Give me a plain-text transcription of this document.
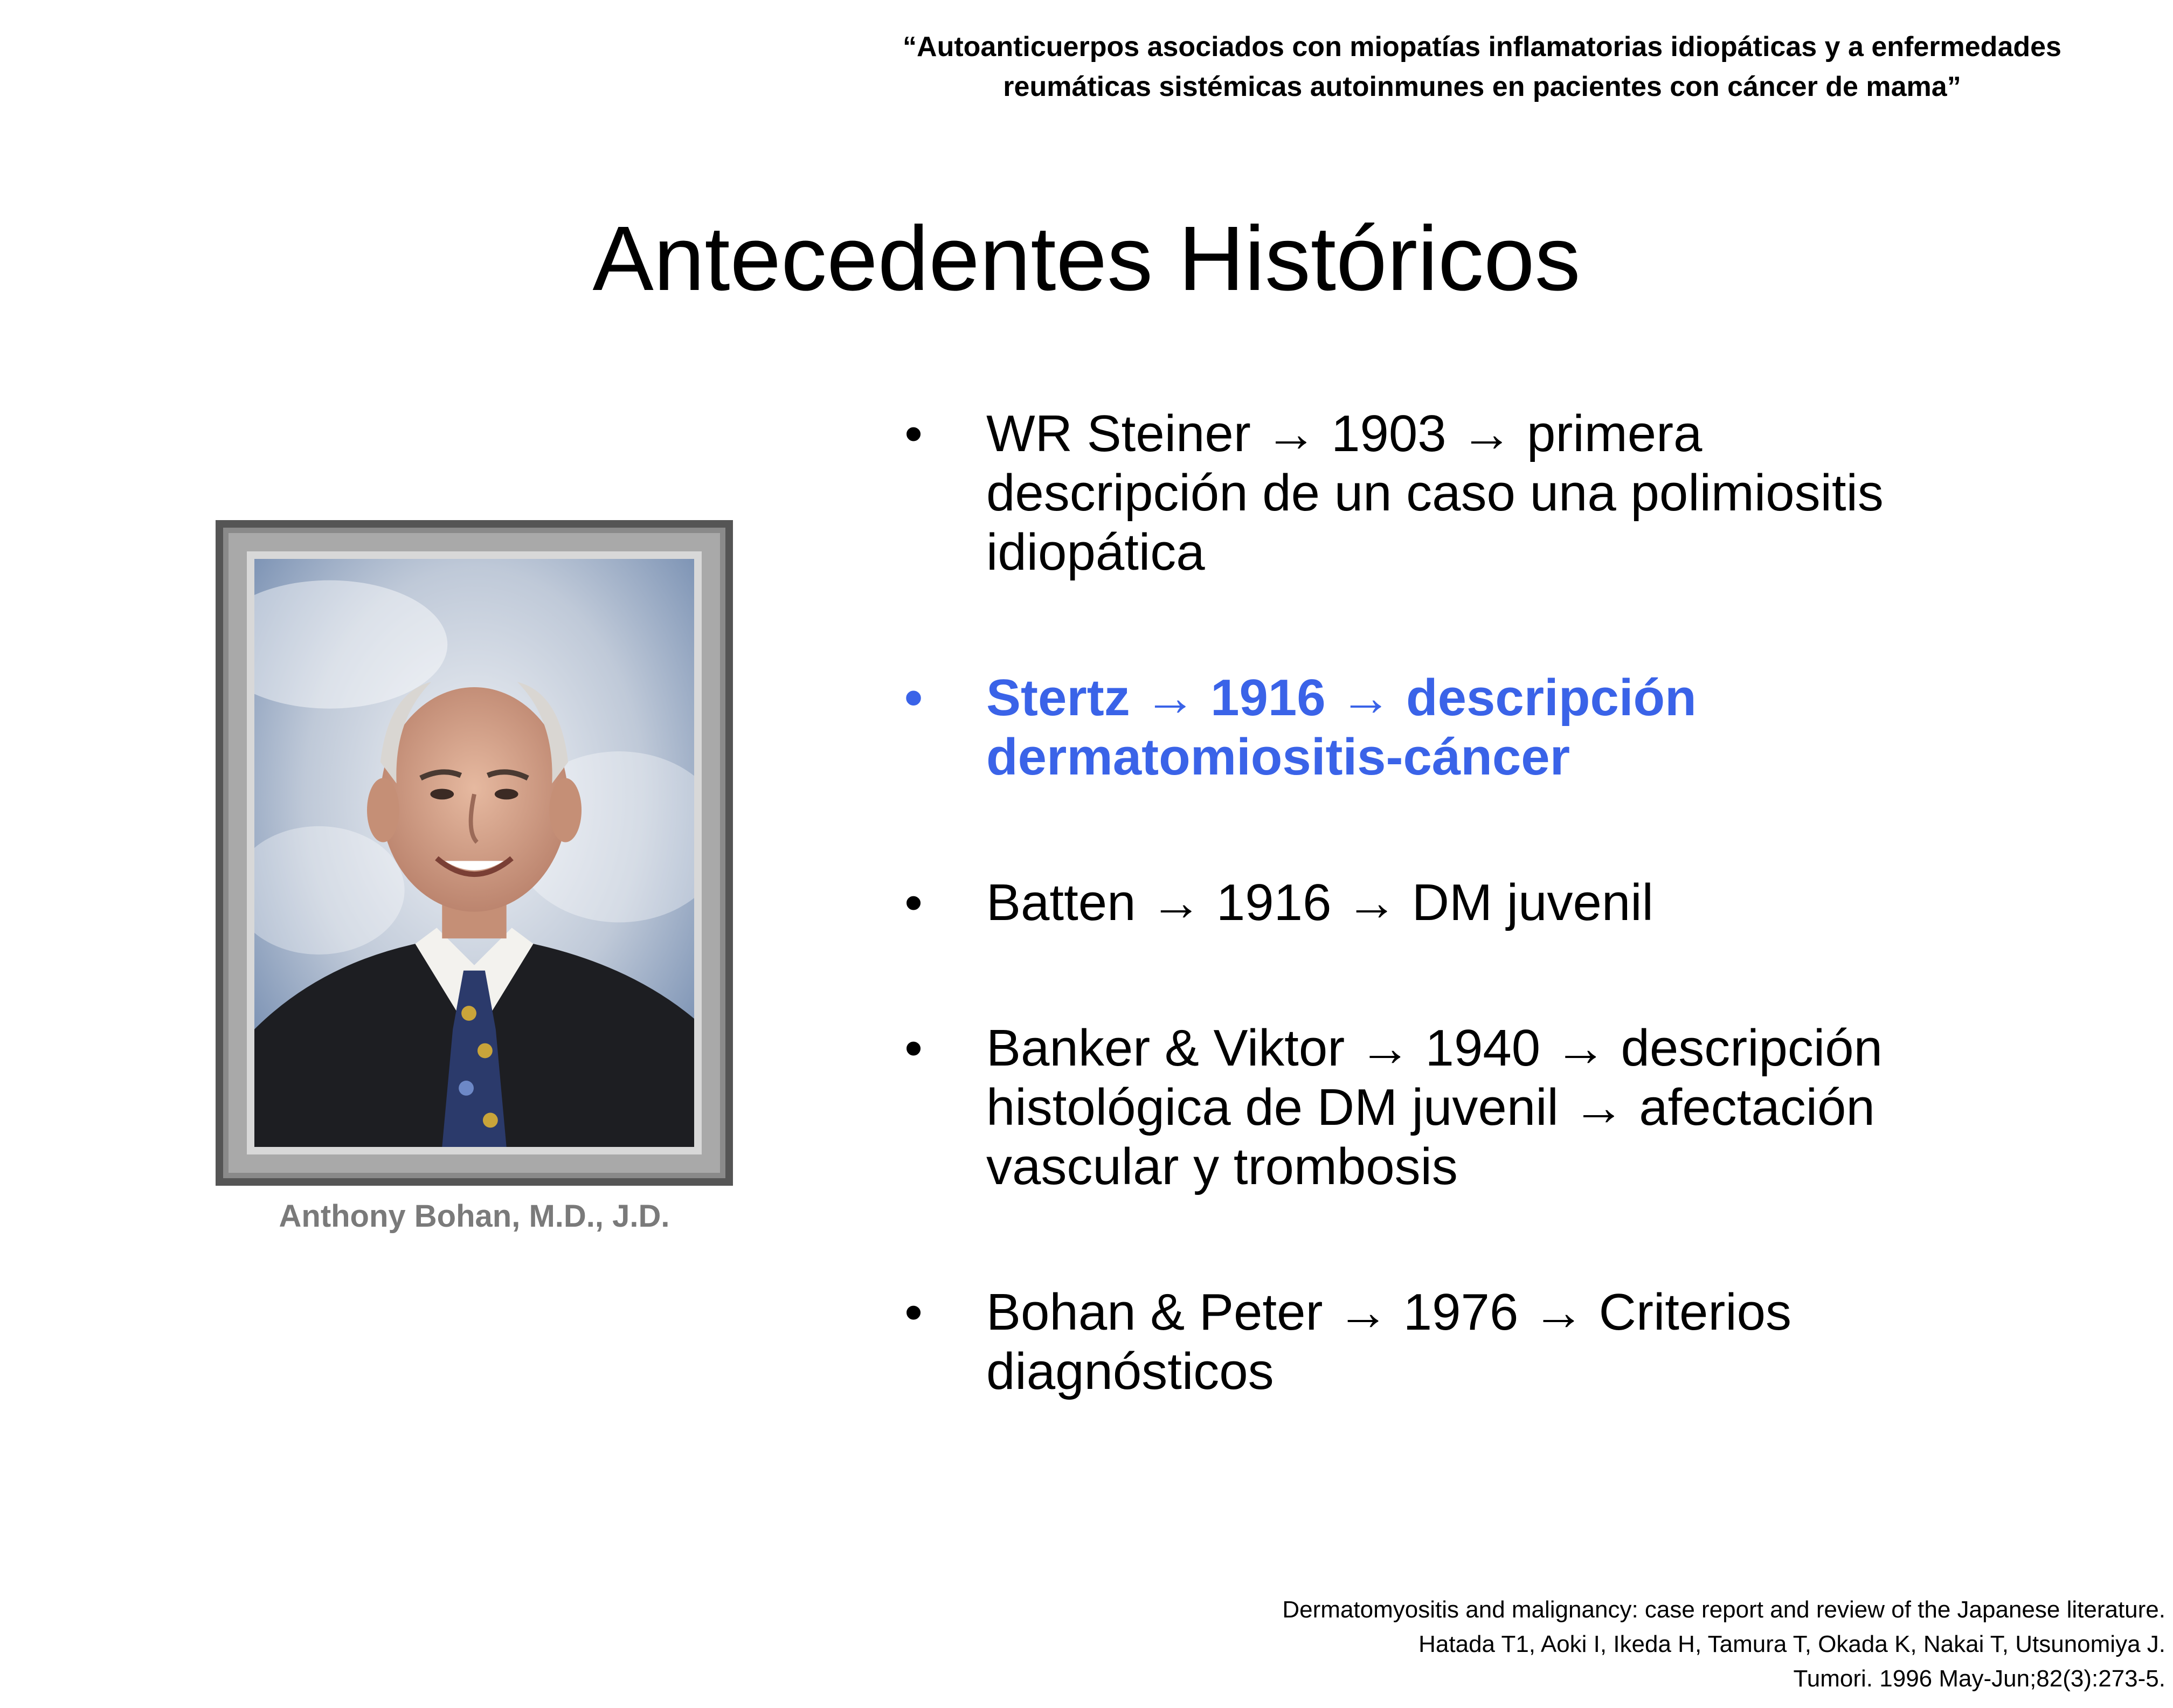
“Autoanticuerpos asociados con miopatías inflamatorias idiopáticas y a enfermedades
reumáticas sistémicas autoinmunes en pacientes con cáncer de mama”
Antecedentes Históricos
• WR Steiner → 1903 → primera
descripción de un caso una polimiositis
idiopática
• Stertz → 1916 → descripción
dermatomiositis-cáncer
• Batten → 1916 → DM juvenil
• Banker & Viktor → 1940 → descripción
histológica de DM juvenil → afectación
vascular y trombosis
• Bohan & Peter → 1976 → Criterios
diagnósticos
Anthony Bohan, M.D., J.D.
Dermatomyositis and malignancy: case report and review of the Japanese literature.
Hatada T1, Aoki I, Ikeda H, Tamura T, Okada K, Nakai T, Utsunomiya J.
Tumori. 1996 May-Jun;82(3):273-5.
